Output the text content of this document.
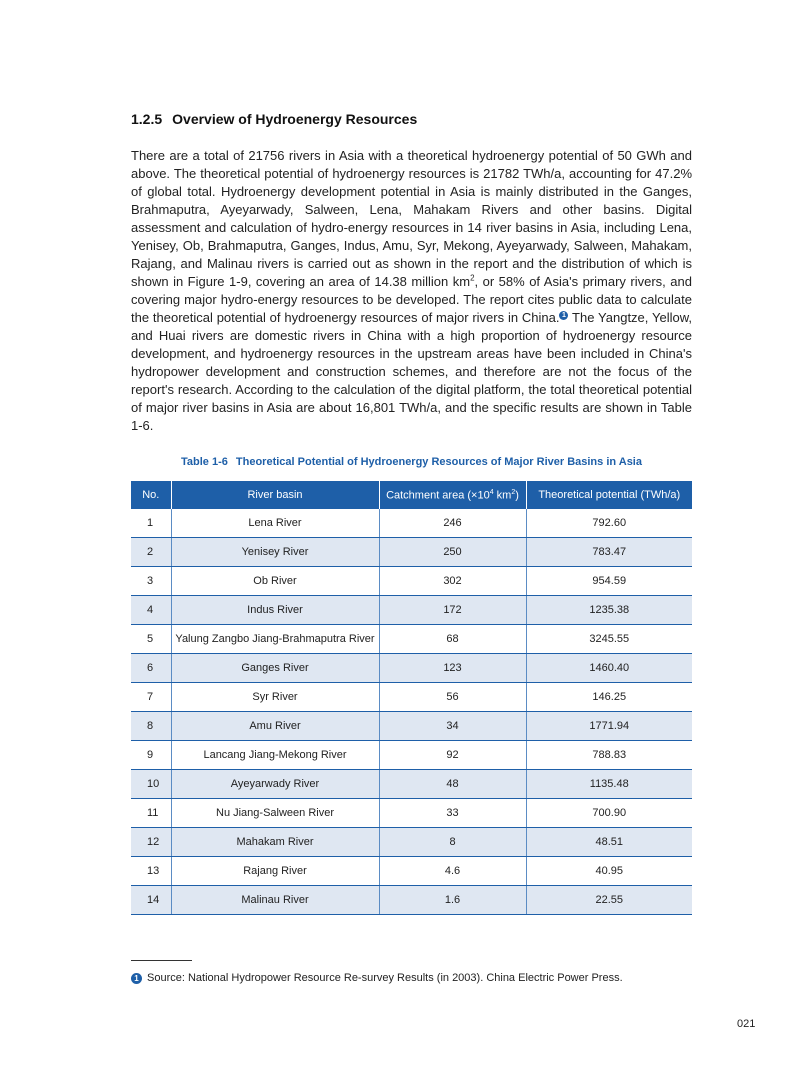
1.2.5 Overview of Hydroenergy Resources
There are a total of 21756 rivers in Asia with a theoretical hydroenergy potential of 50 GWh and above. The theoretical potential of hydroenergy resources is 21782 TWh/a, accounting for 47.2% of global total. Hydroenergy development potential in Asia is mainly distributed in the Ganges, Brahmaputra, Ayeyarwady, Salween, Lena, Mahakam Rivers and other basins. Digital assessment and calculation of hydro-energy resources in 14 river basins in Asia, including Lena, Yenisey, Ob, Brahmaputra, Ganges, Indus, Amu, Syr, Mekong, Ayeyarwady, Salween, Mahakam, Rajang, and Malinau rivers is carried out as shown in the report and the distribution of which is shown in Figure 1-9, covering an area of 14.38 million $km^2$, or 58% of Asia's primary rivers, and covering major hydro-energy resources to be developed. The report cites public data to calculate the theoretical potential of hydroenergy resources of major rivers in China. 1 The Yangtze, Yellow, and Huai rivers are domestic rivers in China with a high proportion of hydroenergy resource development, and hydroenergy resources in the upstream areas have been included in China's hydropower development and construction schemes, and therefore are not the focus of the report's research. According to the calculation of the digital platform, the total theoretical potential of major river basins in Asia are about 16,801 TWh/a, and the specific results are shown in Table 1-6.
Table 1-6 Theoretical Potential of Hydroenergy Resources of Major River Basins in Asia
No.	River basin	Catchment area ($\times 10^4$ $km^2$)	Theoretical potential (TWh/a)
1	Lena River	246	792.60
2	Yenisey River	250	783.47
3	Ob River	302	954.59
4	Indus River	172	1235.38
5	Yalung Zangbo Jiang-Brahmaputra River	68	3245.55
6	Ganges River	123	1460.40
7	Syr River	56	146.25
8	Amu River	34	1771.94
9	Lancang Jiang-Mekong River	92	788.83
10	Ayeyarwady River	48	1135.48
11	Nu Jiang-Salween River	33	700.90
12	Mahakam River	8	48.51
13	Rajang River	4.6	40.95
14	Malinau River	1.6	22.55
1 Source: National Hydropower Resource Re-survey Results (in 2003). China Electric Power Press.
021
